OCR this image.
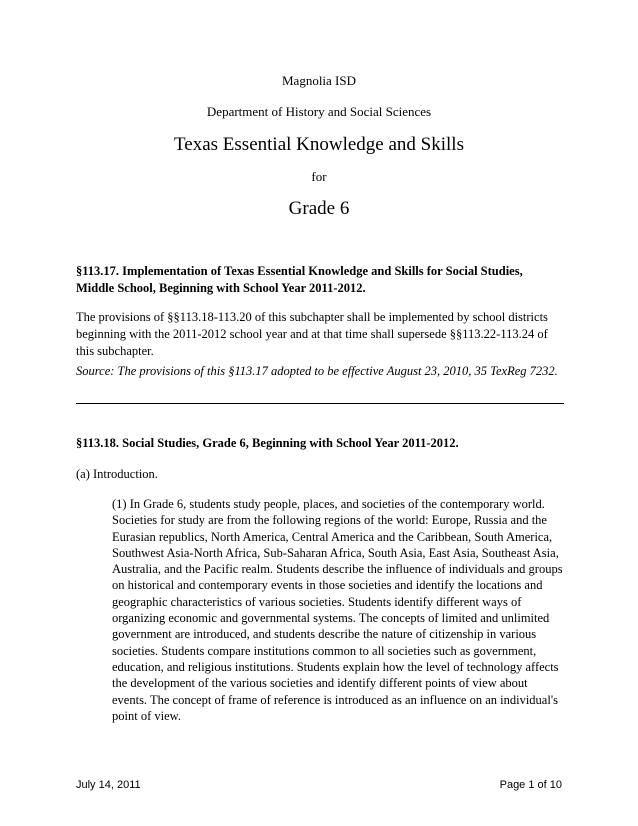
Magnolia ISD
Department of History and Social Sciences
Texas Essential Knowledge and Skills
for
Grade 6
§113.17. Implementation of Texas Essential Knowledge and Skills for Social Studies,
Middle School, Beginning with School Year 2011-2012.
The provisions of §§113.18-113.20 of this subchapter shall be implemented by school districts beginning with the 2011-2012 school year and at that time shall supersede §§113.22-113.24 of this subchapter.
Source: The provisions of this §113.17 adopted to be effective August 23, 2010, 35 TexReg 7232.
§113.18. Social Studies, Grade 6, Beginning with School Year 2011-2012.
(a) Introduction.
(1) In Grade 6, students study people, places, and societies of the contemporary world. Societies for study are from the following regions of the world: Europe, Russia and the Eurasian republics, North America, Central America and the Caribbean, South America, Southwest Asia-North Africa, Sub-Saharan Africa, South Asia, East Asia, Southeast Asia, Australia, and the Pacific realm. Students describe the influence of individuals and groups on historical and contemporary events in those societies and identify the locations and geographic characteristics of various societies. Students identify different ways of organizing economic and governmental systems. The concepts of limited and unlimited government are introduced, and students describe the nature of citizenship in various societies. Students compare institutions common to all societies such as government, education, and religious institutions. Students explain how the level of technology affects the development of the various societies and identify different points of view about events. The concept of frame of reference is introduced as an influence on an individual's point of view.
July 14, 2011	Page 1 of 10
